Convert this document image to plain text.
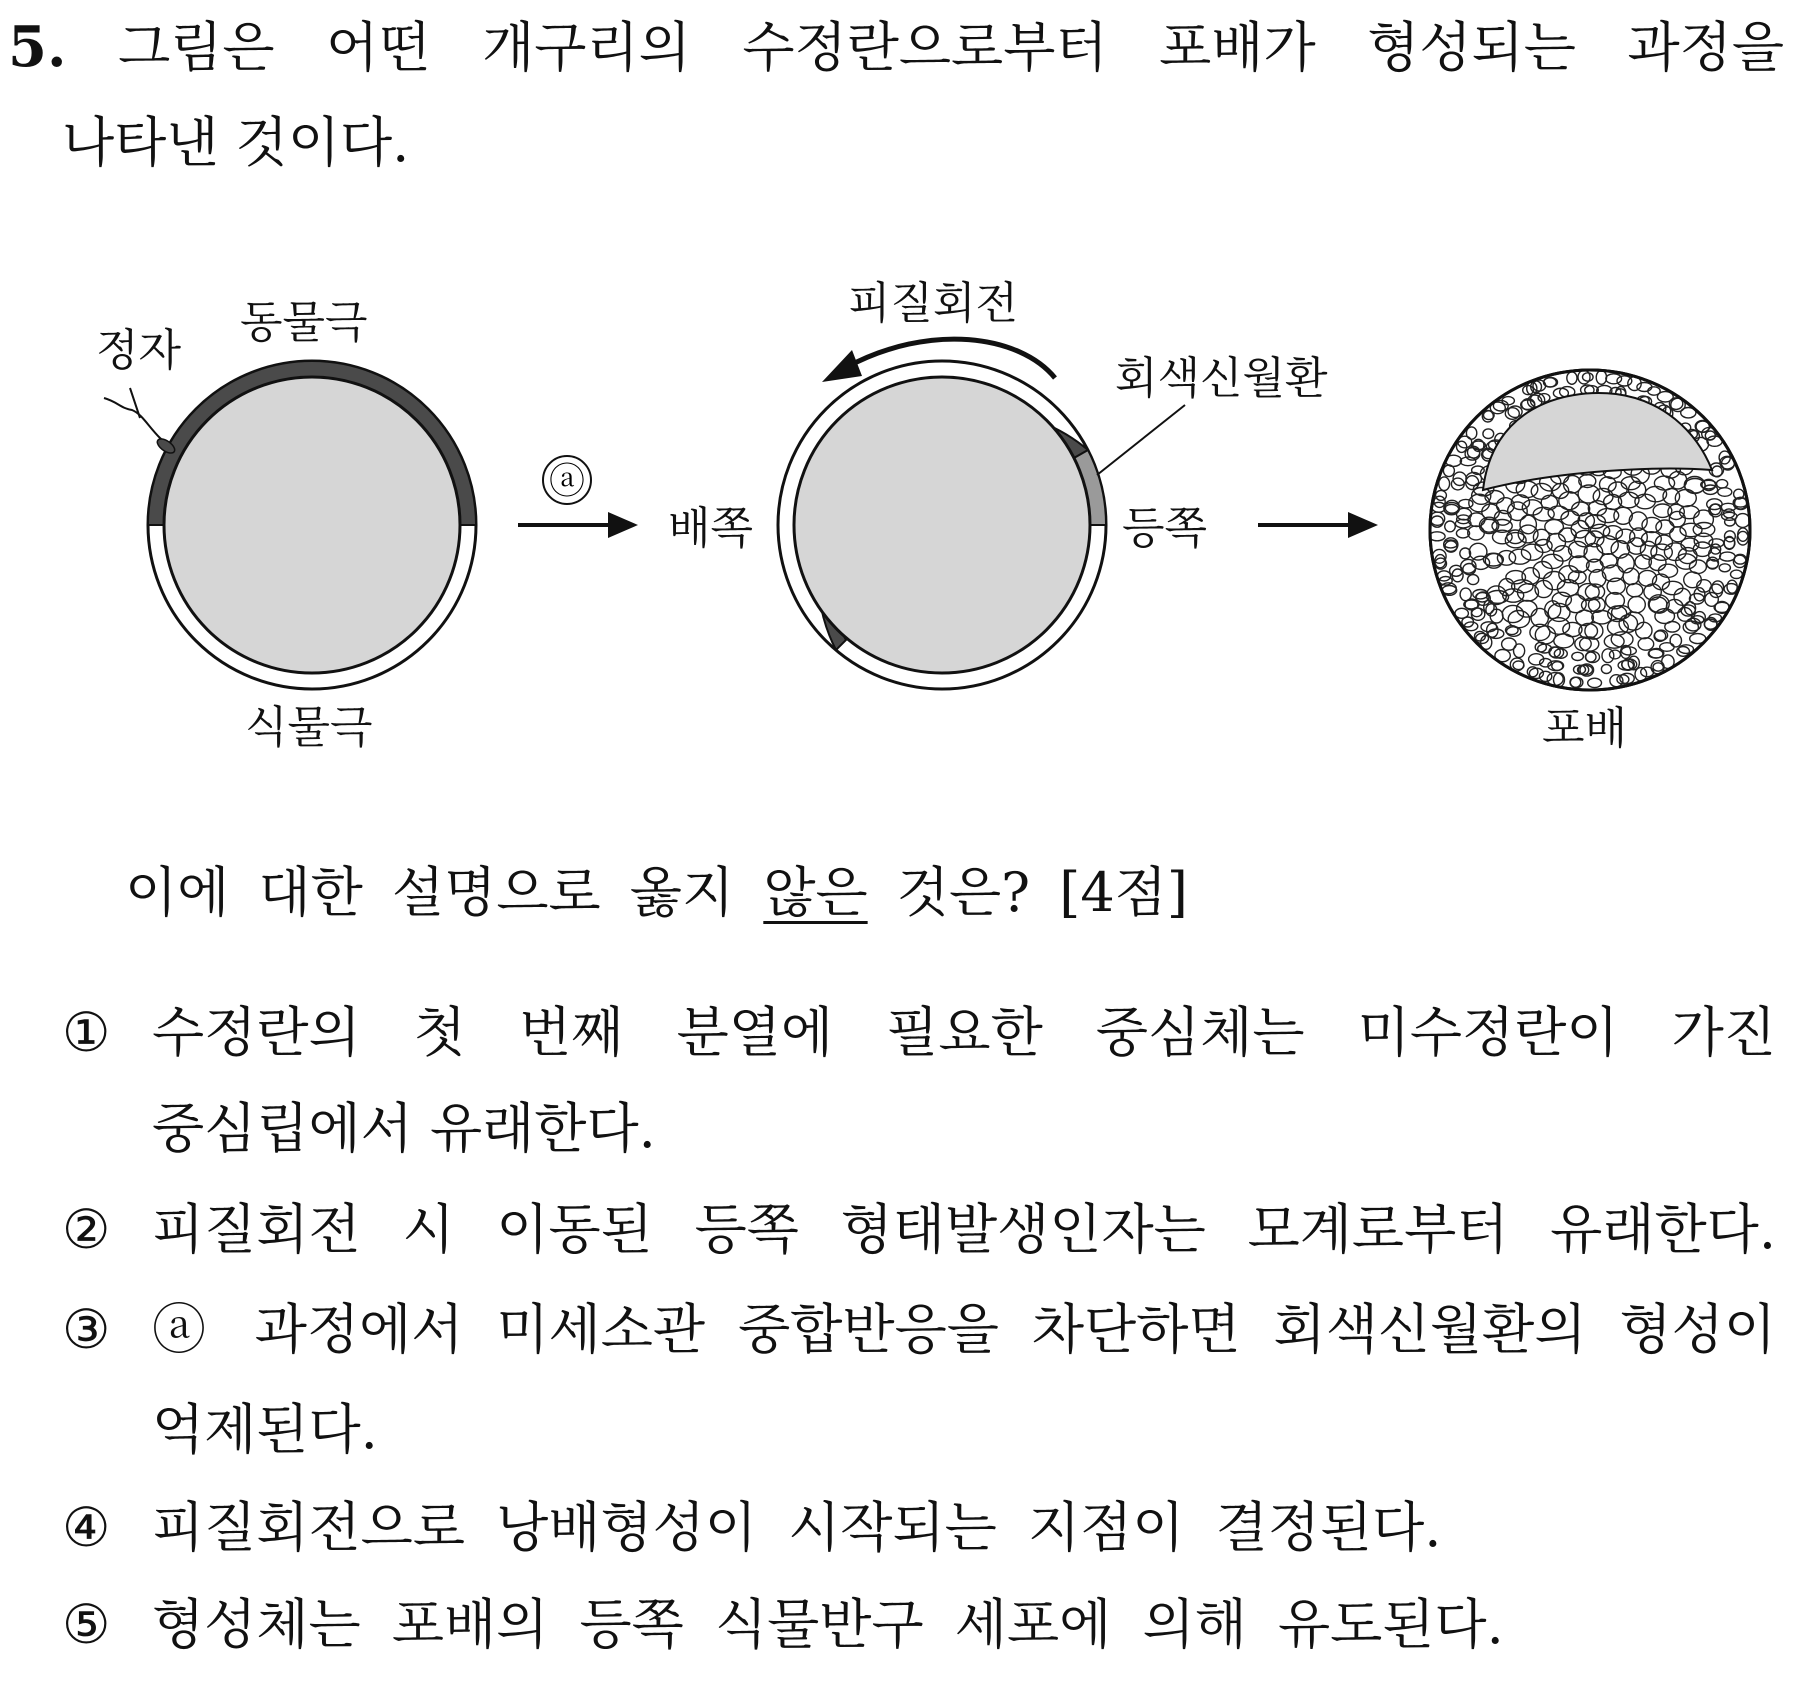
5. 그림은 어떤 개구리의 수정란으로부터 포배가 형성되는 과정을
나타낸 것이다.
정자
동물극
식물극
ⓐ
피질회전
회색신월환
배쪽	등쪽
포배
이에 대한 설명으로 옳지 않은 것은? [4점]
① 수정란의 첫 번째 분열에 필요한 중심체는 미수정란이 가진
중심립에서 유래한다.
② 피질회전 시 이동된 등쪽 형태발생인자는 모계로부터 유래한다.
③ ⓐ 과정에서 미세소관 중합반응을 차단하면 회색신월환의 형성이
억제된다.
④ 피질회전으로 낭배형성이 시작되는 지점이 결정된다.
⑤ 형성체는 포배의 등쪽 식물반구 세포에 의해 유도된다.
